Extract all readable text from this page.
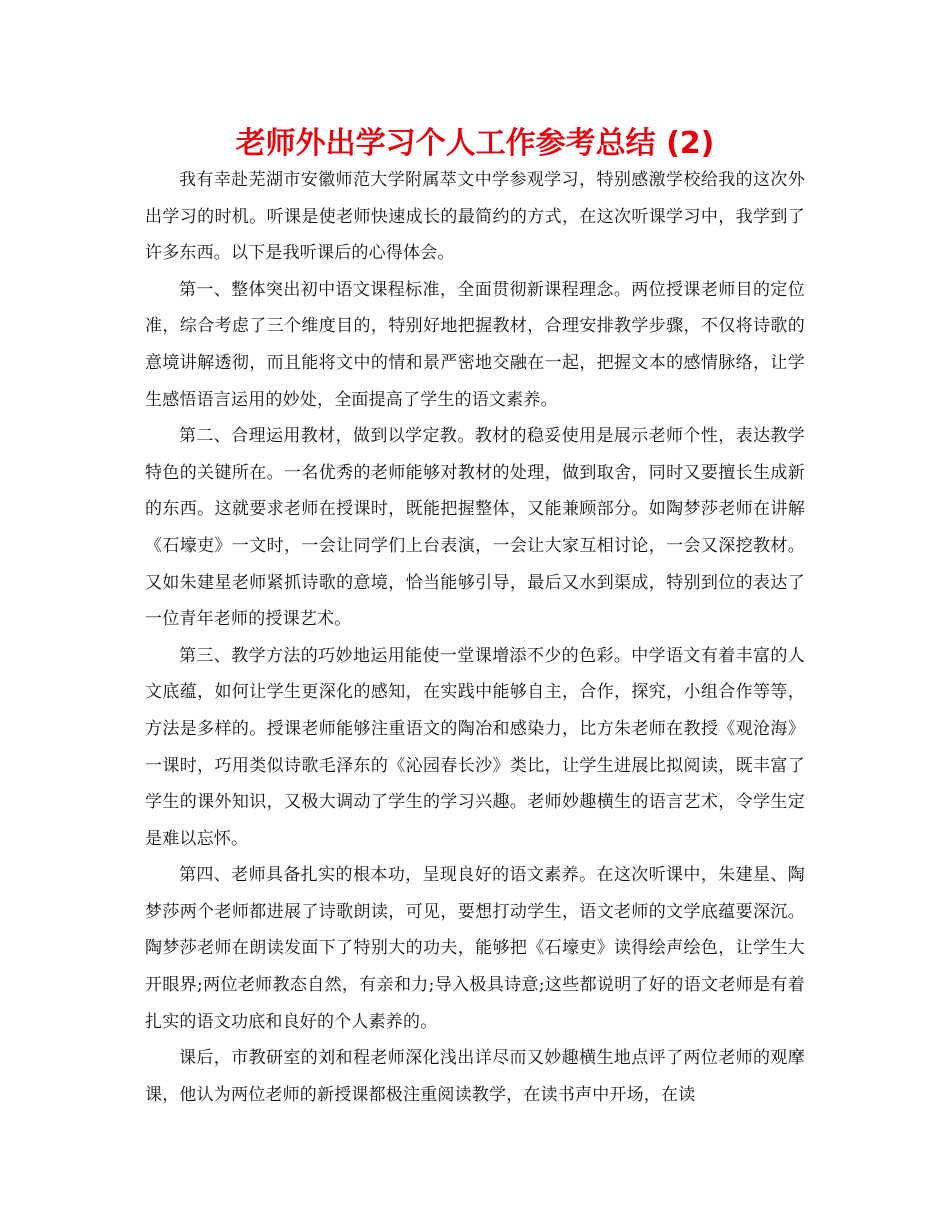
老师外出学习个人工作参考总结 (2)

我有幸赴芜湖市安徽师范大学附属萃文中学参观学习，特别感激学校给我的这次外出学习的时机。听课是使老师快速成长的最简约的方式，在这次听课学习中，我学到了许多东西。以下是我听课后的心得体会。

第一、整体突出初中语文课程标准，全面贯彻新课程理念。两位授课老师目的定位准，综合考虑了三个维度目的，特别好地把握教材，合理安排教学步骤，不仅将诗歌的意境讲解透彻，而且能将文中的情和景严密地交融在一起，把握文本的感情脉络，让学生感悟语言运用的妙处，全面提高了学生的语文素养。

第二、合理运用教材，做到以学定教。教材的稳妥使用是展示老师个性，表达教学特色的关键所在。一名优秀的老师能够对教材的处理，做到取舍，同时又要擅长生成新的东西。这就要求老师在授课时，既能把握整体，又能兼顾部分。如陶梦莎老师在讲解《石壕吏》一文时，一会让同学们上台表演，一会让大家互相讨论，一会又深挖教材。又如朱建星老师紧抓诗歌的意境，恰当能够引导，最后又水到渠成，特别到位的表达了一位青年老师的授课艺术。

第三、教学方法的巧妙地运用能使一堂课增添不少的色彩。中学语文有着丰富的人文底蕴，如何让学生更深化的感知，在实践中能够自主，合作，探究，小组合作等等，方法是多样的。授课老师能够注重语文的陶冶和感染力，比方朱老师在教授《观沧海》一课时，巧用类似诗歌毛泽东的《沁园春长沙》类比，让学生进展比拟阅读，既丰富了学生的课外知识，又极大调动了学生的学习兴趣。老师妙趣横生的语言艺术，令学生定是难以忘怀。

第四、老师具备扎实的根本功，呈现良好的语文素养。在这次听课中，朱建星、陶梦莎两个老师都进展了诗歌朗读，可见，要想打动学生，语文老师的文学底蕴要深沉。陶梦莎老师在朗读发面下了特别大的功夫，能够把《石壕吏》读得绘声绘色，让学生大开眼界;两位老师教态自然，有亲和力;导入极具诗意;这些都说明了好的语文老师是有着扎实的语文功底和良好的个人素养的。

课后，市教研室的刘和程老师深化浅出详尽而又妙趣横生地点评了两位老师的观摩课，他认为两位老师的新授课都极注重阅读教学，在读书声中开场，在读
